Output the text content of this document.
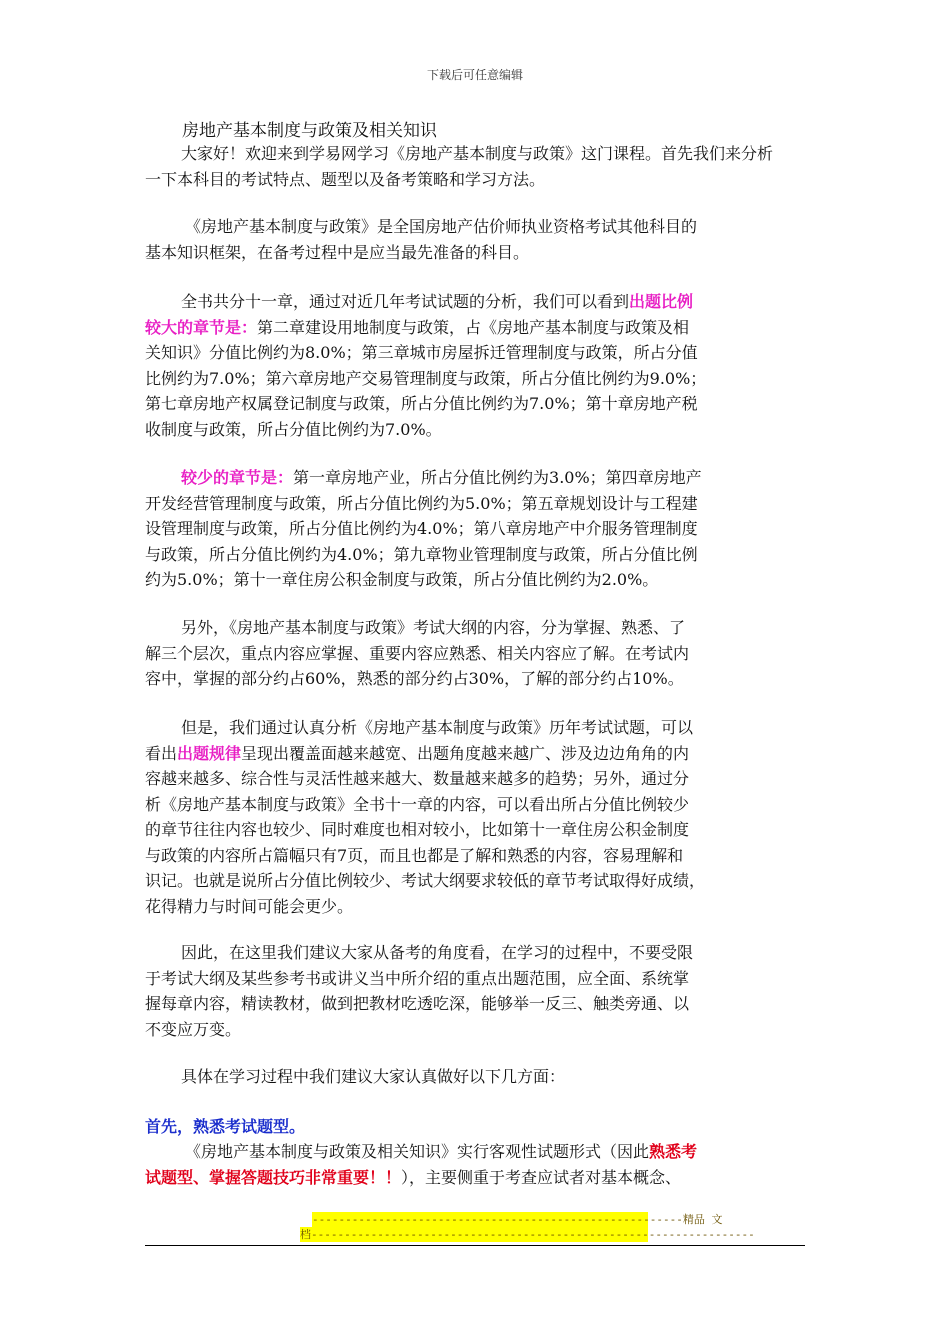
下载后可任意编辑
房地产基本制度与政策及相关知识
大家好！欢迎来到学易网学习《房地产基本制度与政策》这门课程。首先我们来分析
一下本科目的考试特点、题型以及备考策略和学习方法。
《房地产基本制度与政策》是全国房地产估价师执业资格考试其他科目的
基本知识框架，在备考过程中是应当最先准备的科目。
全书共分十一章，通过对近几年考试试题的分析，我们可以看到出题比例
较大的章节是：第二章建设用地制度与政策，占《房地产基本制度与政策及相
关知识》分值比例约为8.0%；第三章城市房屋拆迁管理制度与政策，所占分值
比例约为7.0%；第六章房地产交易管理制度与政策，所占分值比例约为9.0%；
第七章房地产权属登记制度与政策，所占分值比例约为7.0%；第十章房地产税
收制度与政策，所占分值比例约为7.0%。
较少的章节是：第一章房地产业，所占分值比例约为3.0%；第四章房地产
开发经营管理制度与政策，所占分值比例约为5.0%；第五章规划设计与工程建
设管理制度与政策，所占分值比例约为4.0%；第八章房地产中介服务管理制度
与政策，所占分值比例约为4.0%；第九章物业管理制度与政策，所占分值比例
约为5.0%；第十一章住房公积金制度与政策，所占分值比例约为2.0%。
另外，《房地产基本制度与政策》考试大纲的内容，分为掌握、熟悉、了
解三个层次，重点内容应掌握、重要内容应熟悉、相关内容应了解。在考试内
容中，掌握的部分约占60%，熟悉的部分约占30%，了解的部分约占10%。
但是，我们通过认真分析《房地产基本制度与政策》历年考试试题，可以
看出出题规律呈现出覆盖面越来越宽、出题角度越来越广、涉及边边角角的内
容越来越多、综合性与灵活性越来越大、数量越来越多的趋势；另外，通过分
析《房地产基本制度与政策》全书十一章的内容，可以看出所占分值比例较少
的章节往往内容也较少、同时难度也相对较小，比如第十一章住房公积金制度
与政策的内容所占篇幅只有7页，而且也都是了解和熟悉的内容，容易理解和
识记。也就是说所占分值比例较少、考试大纲要求较低的章节考试取得好成绩，
花得精力与时间可能会更少。
因此，在这里我们建议大家从备考的角度看，在学习的过程中，不要受限
于考试大纲及某些参考书或讲义当中所介绍的重点出题范围，应全面、系统掌
握每章内容，精读教材，做到把教材吃透吃深，能够举一反三、触类旁通、以
不变应万变。
具体在学习过程中我们建议大家认真做好以下几方面：
首先，熟悉考试题型。
《房地产基本制度与政策及相关知识》实行客观性试题形式（因此熟悉考
试题型、掌握答题技巧非常重要！！），主要侧重于考查应试者对基本概念、
--------------------------------------------------------精品 文
档-------------------------------------------------------------------
